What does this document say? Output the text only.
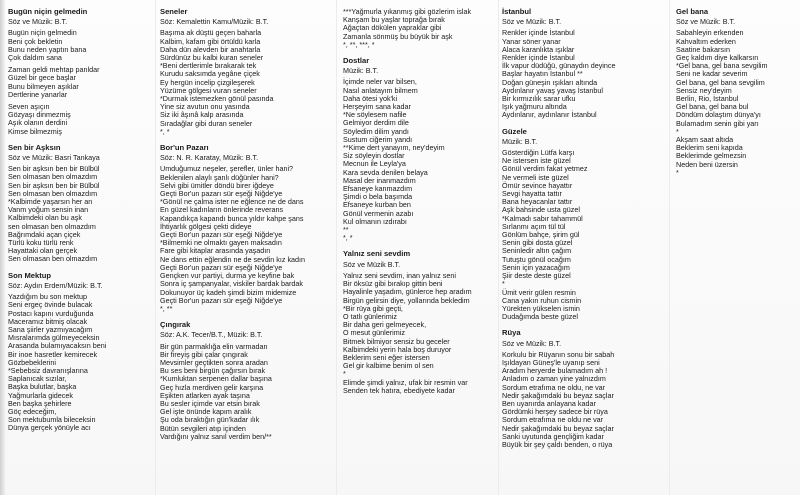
Bugün niçin gelmedin
Söz ve Müzik: B.T.
Bugün niçin gelmedin
Beni çok bekletin
Bunu neden yaptın bana
Çok daldım sana
Zaman geldi mehtap panldar
Güzel bir gece başlar
Bunu bilmeyen aşıklar
Dertlerine yanarlar
Seven aşıçın
Gözyaşı dinmezmiş
Aşık olanın derdini
Kimse bilmezmiş
Sen bir Aşksın
Söz ve Müzik: Basri Tankaya
Sen bir aşksın ben bir Bülbül
Sen olmasan ben olmazdım
Sen bir aşksın ben bir Bülbül
Sen olmasan ben olmazdım
*Kalbimde yaşarsın her an
Vanm yoğum sensin inan
Kalbimdeki olan bu aşk
sen olmasan ben olmazdım
Bağrımdaki açan çiçek
Türlü koku türlü renk
Hayattaki olan gerçek
Sen olmasan ben olmazdım
Son Mektup
Söz: Aydın Erdem/Müzik: B.T.
Yazdığım bu son mektup
Seni ergeç övinde bulacak
Postacı kapını vurduğunda
Maceramız bitmiş olacak
Sana şiirler yazmıyacağım
Mısralarımda gülmeyeceksin
Arasanda bulamıyacaksın beni
Bir inoe hasretler kemirecek
Gözbebeklerini
*Sebebsiz davranışlarına
Saplanıcak sızılar,
Başka bulutlar, başka
Yağmurlarla gidecek
Ben başka şehirlere
Göç edeceğim,
Son mektubumla bileceksin
Dünya gerçek yönüyle acı
Seneler
Söz: Kemalettin Kamu/Müzik: B.T.
Başıma ak düştü geçen baharla
Kalbim, kafam gibi örtüldü karla
Daha dün alevden bir anahtarla
Sürdünüz bu kalbi kuran seneler
*Beni dertlerimle bırakarak tek
Kurudu saksımda yegâne çiçek
Ey hergün incelip çizgileşerek
Yüzüme gölgesi vuran seneler
*Durmak istemezken gönül pasında
Yine siz avutun onu yasında
Siz iki âşınâ kalp arasında
Sıradağlar gibi duran seneler
*, *
Bor'un Pazarı
Söz: N. R. Karatay, Müzik: B.T.
Umduğumuz neşeler, şerefler, ünler hani?
Beklenilen alaylı şanlı düğünler hani?
Selvi gibi ümitler döndü birer iğdeye
Geçti Bor'un pazarı sür eşeği Niğde'ye
*Gönül ne çalma ister ne eğlence ne de dans
En güzel kadınların önlerinde reverans
Kapandıkça kapandı bunca yıldır kahpe şans
İhtiyarlık gölgesi çekti dideye
Geçti Bor'un pazarı sür eşeği Niğde'ye
*Bilmemki ne olmaktı gayen maksadın
Fare gibi kitaplar arasında yaşadın
Ne dans ettin eğlendin ne de sevdin kız kadın
Geçti Bor'un pazarı sür eşeği Niğde'ye
Gençken vur partiyi, durma ye keyfine bak
Sonra iç şampanyalar, viskiler bardak bardak
Dokunuyor üç kadeh şimdi bizim midemize
Geçti Bor'un pazarı sür eşeği Niğde'ye
*, **
Çıngırak
Söz: A.K. Tecer/B.T., Müzik: B.T.
Bir gün parmaklığa elin varmadan
Bir fireyiş gibi çalar çıngırak
Mevsimler geçtikten sonra aradan
Bu ses beni birgün çağırsın bırak
*Kumluktan serpenen dallar başına
Geç hızla merdiven gelir karşına
Eşikten atlarken ayak taşına
Bu sesler içimde var etsin bırak
Gel işte önünde kapım aralık
Şu oda bıraktığın gün'kadar ılık
Bütün sevgileri atıp içinden
Vardığını yalnız sanıl verdim ben/**
***Yağmurla yıkanmış gibi gözlerim islak
Kanşam bu yaşlar toprağa bırak
Ağaçtan dökülen yapraklar gibi
Zamanla sönmüş bu büyük bir aşk
*, **, ***, *
Dostlar
Müzik: B.T.
İçimde neler var bilsen,
Nasıl anlatayım bilmem
Daha ötesi yok'ki
Herşeyim sana kadar
*Ne söylesem nafile
Gelmiyor derdim dile
Söyledim dilim yandı
Sustum ciğerim yandı
**Kime dert yanayım, ney'deyim
Siz söyleyin dostlar
Mecnun ile Leyla'ya
Kara sevda denilen belaya
Masal der inanmazdım
Efsaneye kanmazdım
Şimdi o bela başımda
Efsaneye kurban ben
Gönül vermenin azabı
Kul olmanın ızdırabı
**
*, *
Yalnız seni sevdim
Söz ve Müzik B.T.
Yalnız seni sevdim, inan yalnız seni
Bir öksüz gibi bırakıp gittin beni
Hayalinle yaşadım, günlerce hep aradım
Birgün gelirsin diye, yollarında bekledim
*Bir rüya gibi geçti,
O tatlı günlerimiz
Bir daha geri gelmeyecek,
O mesut günlerimiz
Bitmek bilmiyor sensiz bu geceler
Kalbimdeki yerin hala boş duruyor
Beklerim seni eğer istersen
Gel gir kalbime benim ol sen
*
Elimde şimdi yalnız, ufak bir resmin var
Senden tek hatıra, ebediyete kadar
İstanbul
Söz ve Müzik: B.T.
Renkler içinde İstanbul
Yanar söner yanar
Alaca karanlıkta ışıklar
Renkler içinde İstanbul
İlk vapur düdüğü, günaydın deyince
Başlar hayatın İstanbul **
Doğan güneşin ışıkları altında
Aydınlanır yavaş yavaş İstanbul
Bir kırmızılık sarar ufku
Işık yağmuru altında
Aydınlanır, aydınlanır İstanbul
Güzele
Müzik: B.T.
Gösterdiğin Lütfa karşı
Ne istersen iste güzel
Gönül verdim fakat yetmez
Ne vermeli iste güzel
Ömür sevince hayattır
Sevgi hayatta tattır
Bana heyacanlar tattır
Aşk bahsinde usta güzel
*Kalmadı sabır tahammül
Sırlanmı açım tül tül
Gönlüm bahçe, şirim gül
Senin gibi dosta güzel
Seninledir altın çağım
Tutuştu gönül ocağım
Senin için yazacağım
Şiir deste deste güzel
*
Ümit verir gülen resmin
Cana yakın ruhun cismin
Yürekten yükselen ismin
Dudağımda beste güzel
Rüya
Söz ve Müzik: B.T.
Korkulu bir Rüyanın sonu bir sabah
Işıldayan Güneş'le uyanıp seni
Aradım heryerde bulamadım ah !
Anladım o zaman yine yalnızdım
Sordum etrafıma ne oldu, ne var
Nedir şakağımdaki bu beyaz saçlar
Ben uyanırda anlayana kadar
Gördümki herşey sadece bir rüya
Sordum etrafıma ne oldu ne var
Nedir şakağımdaki bu beyaz saçlar
Sanki uyutunda gençliğim kadar
Büyük bir şey çaldı benden, o rüya
Gel bana
Söz ve Müzik: B.T.
Sabahleyin erkenden
Kahvaltım ederken
Saatine bakarsın
Geç kaldım diye kalkarsın
*Gel bana, gel bana sevgilim
Seni ne kadar severim
Gel bana, gel bana sevgilim
Sensiz ney'deyim
Berlin, Rio, İstanbul
Gel bana, gel bana bul
Döndüm dolaştım dünya'yı
Bulamadım senin gibi yarı
*
Akşam saat altıda
Beklerim seni kapıda
Beklerimde gelmezsin
Neden beni üzersin
*
